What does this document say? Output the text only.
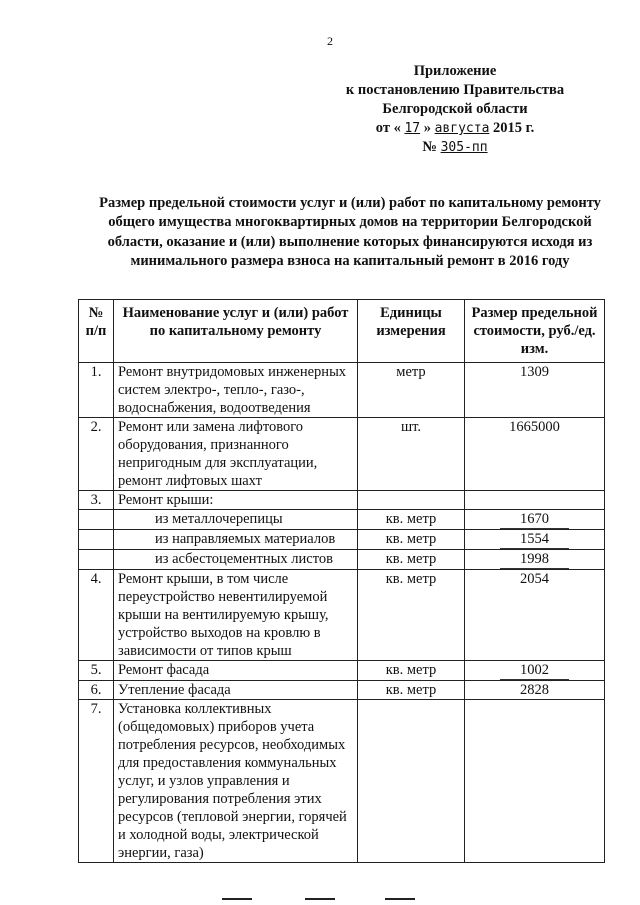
2
Приложение
к постановлению Правительства
Белгородской области
от « 17 » августа 2015 г.
№ 305-пп
Размер предельной стоимости услуг и (или) работ по капитальному ремонту общего имущества многоквартирных домов на территории Белгородской области, оказание и (или) выполнение которых финансируются исходя из минимального размера взноса на капитальный ремонт в 2016 году
№ п/п	Наименование услуг и (или) работ по капитальному ремонту	Единицы измерения	Размер предельной стоимости, руб./ед. изм.
1.	Ремонт внутридомовых инженерных систем электро-, тепло-, газо-, водоснабжения, водоотведения	метр	1309
2.	Ремонт или замена лифтового оборудования, признанного непригодным для эксплуатации, ремонт лифтовых шахт	шт.	1665000
3.	Ремонт крыши:		
	из металлочерепицы	кв. метр	1670
	из направляемых материалов	кв. метр	1554
	из асбестоцементных листов	кв. метр	1998
4.	Ремонт крыши, в том числе переустройство невентилируемой крыши на вентилируемую крышу, устройство выходов на кровлю в зависимости от типов крыш	кв. метр	2054
5.	Ремонт фасада	кв. метр	1002
6.	Утепление фасада	кв. метр	2828
7.	Установка коллективных (общедомовых) приборов учета потребления ресурсов, необходимых для предоставления коммунальных услуг, и узлов управления и регулирования потребления этих ресурсов (тепловой энергии, горячей и холодной воды, электрической энергии, газа)		
